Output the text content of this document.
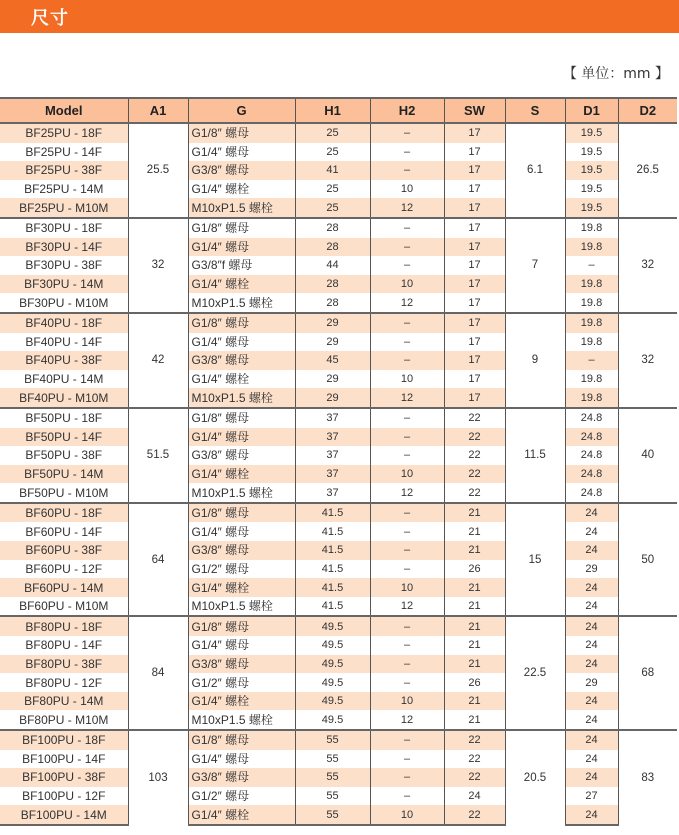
尺寸
【 单位：mm 】
Model	A1	G	H1	H2	SW	S	D1	D2
BF25PU - 18F	25.5	G1/8″ 螺母	25	–	17	6.1	19.5	26.5
BF25PU - 14F		G1/4″ 螺母	25	–	17		19.5	
BF25PU - 38F		G3/8″ 螺母	41	–	17		19.5	
BF25PU - 14M		G1/4″ 螺栓	25	10	17		19.5	
BF25PU - M10M		M10xP1.5 螺栓	25	12	17		19.5	
BF30PU - 18F	32	G1/8″ 螺母	28	–	17	7	19.8	32
BF30PU - 14F		G1/4″ 螺母	28	–	17		19.8	
BF30PU - 38F		G3/8″f 螺母	44	–	17		–	
BF30PU - 14M		G1/4″ 螺栓	28	10	17		19.8	
BF30PU - M10M		M10xP1.5 螺栓	28	12	17		19.8	
BF40PU - 18F	42	G1/8″ 螺母	29	–	17	9	19.8	32
BF40PU - 14F		G1/4″ 螺母	29	–	17		19.8	
BF40PU - 38F		G3/8″ 螺母	45	–	17		–	
BF40PU - 14M		G1/4″ 螺栓	29	10	17		19.8	
BF40PU - M10M		M10xP1.5 螺栓	29	12	17		19.8	
BF50PU - 18F	51.5	G1/8″ 螺母	37	–	22	11.5	24.8	40
BF50PU - 14F		G1/4″ 螺母	37	–	22		24.8	
BF50PU - 38F		G3/8″ 螺母	37	–	22		24.8	
BF50PU - 14M		G1/4″ 螺栓	37	10	22		24.8	
BF50PU - M10M		M10xP1.5 螺栓	37	12	22		24.8	
BF60PU - 18F	64	G1/8″ 螺母	41.5	–	21	15	24	50
BF60PU - 14F		G1/4″ 螺母	41.5	–	21		24	
BF60PU - 38F		G3/8″ 螺母	41.5	–	21		24	
BF60PU - 12F		G1/2″ 螺母	41.5	–	26		29	
BF60PU - 14M		G1/4″ 螺栓	41.5	10	21		24	
BF60PU - M10M		M10xP1.5 螺栓	41.5	12	21		24	
BF80PU - 18F	84	G1/8″ 螺母	49.5	–	21	22.5	24	68
BF80PU - 14F		G1/4″ 螺母	49.5	–	21		24	
BF80PU - 38F		G3/8″ 螺母	49.5	–	21		24	
BF80PU - 12F		G1/2″ 螺母	49.5	–	26		29	
BF80PU - 14M		G1/4″ 螺栓	49.5	10	21		24	
BF80PU - M10M		M10xP1.5 螺栓	49.5	12	21		24	
BF100PU - 18F	103	G1/8″ 螺母	55	–	22	20.5	24	83
BF100PU - 14F		G1/4″ 螺母	55	–	22		24	
BF100PU - 38F		G3/8″ 螺母	55	–	22		24	
BF100PU - 12F		G1/2″ 螺母	55	–	24		27	
BF100PU - 14M		G1/4″ 螺栓	55	10	22		24	
